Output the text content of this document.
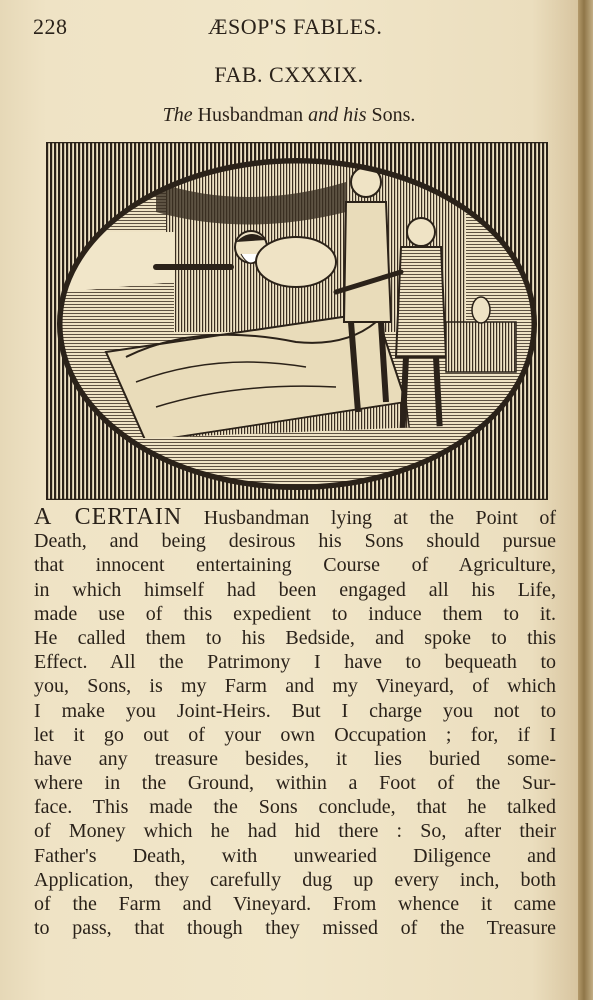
228	ÆSOP'S FABLES.
FAB. CXXXIX.
The Husbandman and his Sons.
A CERTAIN Husbandman lying at the Point of
Death, and being desirous his Sons should pursue
that innocent entertaining Course of Agriculture,
in which himself had been engaged all his Life,
made use of this expedient to induce them to it.
He called them to his Bedside, and spoke to this
Effect. All the Patrimony I have to bequeath to
you, Sons, is my Farm and my Vineyard, of which
I make you Joint-Heirs. But I charge you not to
let it go out of your own Occupation ; for, if I
have any treasure besides, it lies buried some-
where in the Ground, within a Foot of the Sur-
face. This made the Sons conclude, that he talked
of Money which he had hid there : So, after their
Father's Death, with unwearied Diligence and
Application, they carefully dug up every inch, both
of the Farm and Vineyard. From whence it came
to pass, that though they missed of the Treasure
